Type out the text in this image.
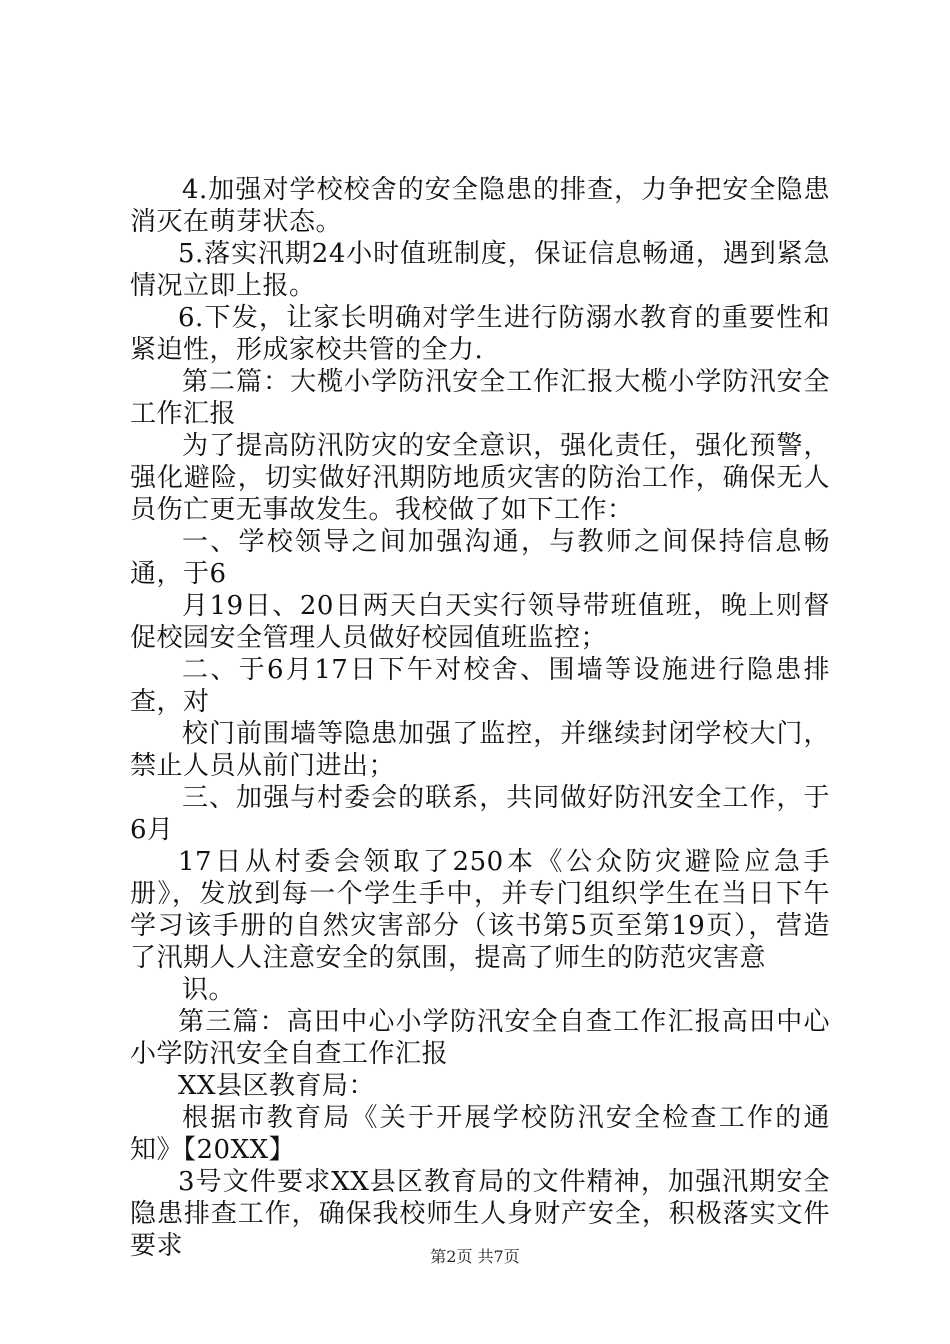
4.加强对学校校舍的安全隐患的排查，力争把安全隐患消灭在萌芽状态。

5.落实汛期24小时值班制度，保证信息畅通，遇到紧急情况立即上报。

6.下发，让家长明确对学生进行防溺水教育的重要性和紧迫性，形成家校共管的全力.

第二篇：大榄小学防汛安全工作汇报大榄小学防汛安全工作汇报

为了提高防汛防灾的安全意识，强化责任，强化预警，强化避险，切实做好汛期防地质灾害的防治工作，确保无人员伤亡更无事故发生。我校做了如下工作：

一、学校领导之间加强沟通，与教师之间保持信息畅通，于6

月19日、20日两天白天实行领导带班值班，晚上则督促校园安全管理人员做好校园值班监控；

二、于6月17日下午对校舍、围墙等设施进行隐患排查，对

校门前围墙等隐患加强了监控，并继续封闭学校大门，禁止人员从前门进出；

三、加强与村委会的联系，共同做好防汛安全工作，于6月

17日从村委会领取了250本《公众防灾避险应急手册》，发放到每一个学生手中，并专门组织学生在当日下午学习该手册的自然灾害部分（该书第5页至第19页），营造了汛期人人注意安全的氛围，提高了师生的防范灾害意

识。

第三篇：高田中心小学防汛安全自查工作汇报高田中心小学防汛安全自查工作汇报

XX县区教育局：

根据市教育局《关于开展学校防汛安全检查工作的通知》【20XX】

3号文件要求XX县区教育局的文件精神，加强汛期安全隐患排查工作，确保我校师生人身财产安全，积极落实文件要求	第2页 共7页
